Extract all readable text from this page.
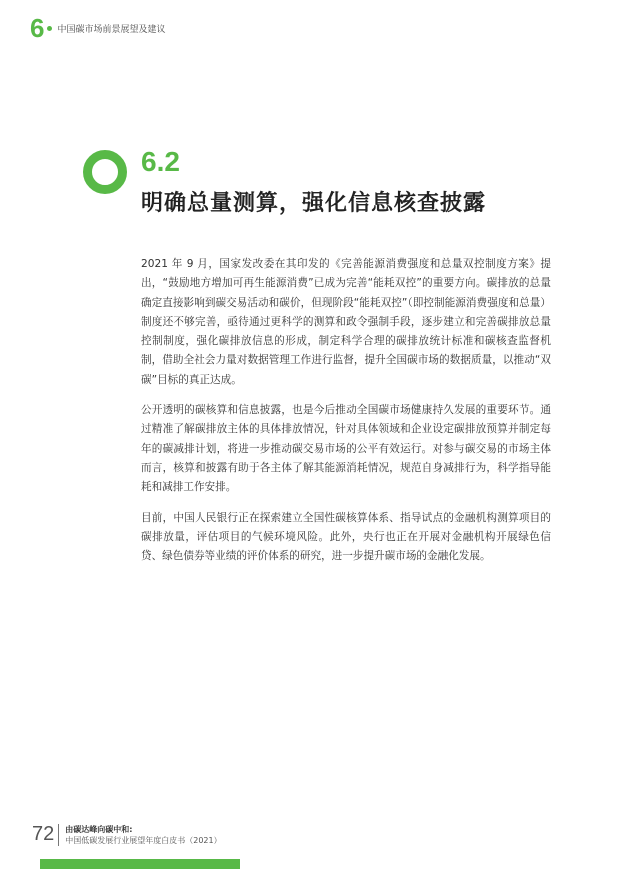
6 中国碳市场前景展望及建议
6.2
明确总量测算，强化信息核查披露

2021 年 9 月，国家发改委在其印发的《完善能源消费强度和总量双控制度方案》提出，“鼓励地方增加可再生能源消费”已成为完善“能耗双控”的重要方向。碳排放的总量确定直接影响到碳交易活动和碳价，但现阶段“能耗双控”（即控制能源消费强度和总量）制度还不够完善，亟待通过更科学的测算和政令强制手段，逐步建立和完善碳排放总量控制制度，强化碳排放信息的形成，制定科学合理的碳排放统计标准和碳核查监督机制，借助全社会力量对数据管理工作进行监督，提升全国碳市场的数据质量，以推动“双碳”目标的真正达成。

公开透明的碳核算和信息披露，也是今后推动全国碳市场健康持久发展的重要环节。通过精准了解碳排放主体的具体排放情况，针对具体领域和企业设定碳排放预算并制定每年的碳减排计划，将进一步推动碳交易市场的公平有效运行。对参与碳交易的市场主体而言，核算和披露有助于各主体了解其能源消耗情况，规范自身减排行为，科学指导能耗和减排工作安排。

目前，中国人民银行正在探索建立全国性碳核算体系、指导试点的金融机构测算项目的碳排放量，评估项目的气候环境风险。此外，央行也正在开展对金融机构开展绿色信贷、绿色债券等业绩的评价体系的研究，进一步提升碳市场的金融化发展。

72 由碳达峰向碳中和:
中国低碳发展行业展望年度白皮书（2021）
